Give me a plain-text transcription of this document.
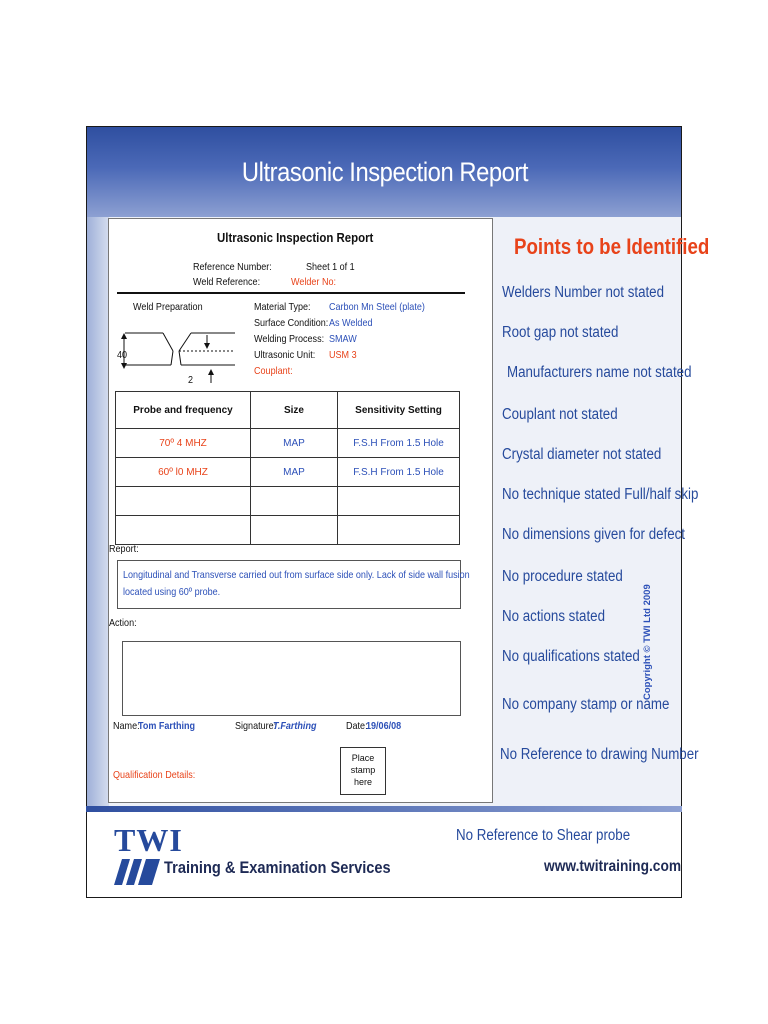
Ultrasonic Inspection Report
Ultrasonic Inspection Report
Reference Number:	Sheet 1 of 1
Weld Reference:	Welder No:
Weld Preparation
40
2
Material Type: Carbon Mn Steel (plate)
Surface Condition: As Welded
Welding Process: SMAW
Ultrasonic Unit: USM 3
Couplant:
Probe and frequency	Size	Sensitivity Setting
70º 4 MHZ	MAP	F.S.H From 1.5 Hole
60º l0 MHZ	MAP	F.S.H From 1.5 Hole

Report:
Longitudinal and Transverse carried out from surface side only. Lack of side wall fusion
located using 60º probe.
Action:
Name:
Tom Farthing	Signature:
T.Farthing	Date:
19/06/08
Qualification Details:
Place
stamp
here
Points to be Identified
Welders Number not stated
Root gap not stated
Manufacturers name not stated
Couplant not stated
Crystal diameter not stated
No technique stated Full/half skip
No dimensions given for defect
No procedure stated
No actions stated
No qualifications stated
No company stamp or name
No Reference to drawing Number
Copyright © TWI Ltd 2009
TWI
Training & Examination Services
No Reference to Shear probe
www.twitraining.com
